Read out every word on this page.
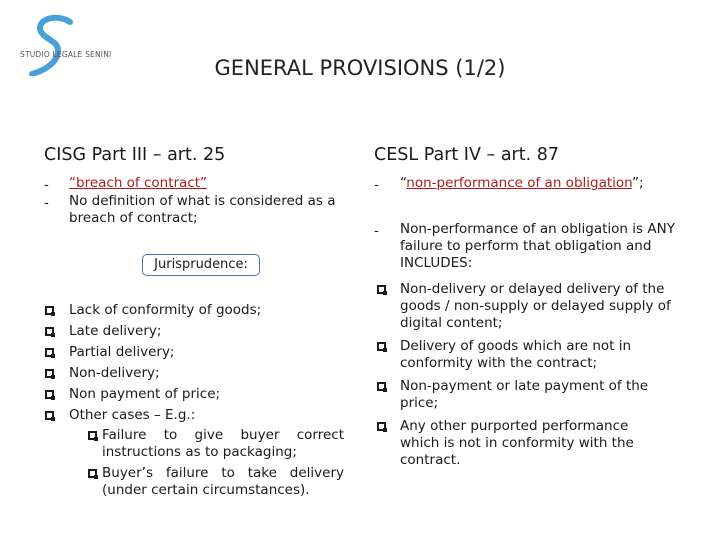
STUDIO LEGALE SENINI
GENERAL PROVISIONS (1/2)
CISG Part III – art. 25
- “breach of contract”
- No definition of what is considered as a breach of contract;
Jurisprudence:
Lack of conformity of goods;
Late delivery;
Partial delivery;
Non-delivery;
Non payment of price;
Other cases – E.g.:
Failure to give buyer correct instructions as to packaging;
Buyer’s failure to take delivery (under certain circumstances).
CESL Part IV – art. 87
- “non-performance of an obligation”;
- Non-performance of an obligation is ANY failure to perform that obligation and INCLUDES:
Non-delivery or delayed delivery of the goods / non-supply or delayed supply of digital content;
Delivery of goods which are not in conformity with the contract;
Non-payment or late payment of the price;
Any other purported performance which is not in conformity with the contract.
